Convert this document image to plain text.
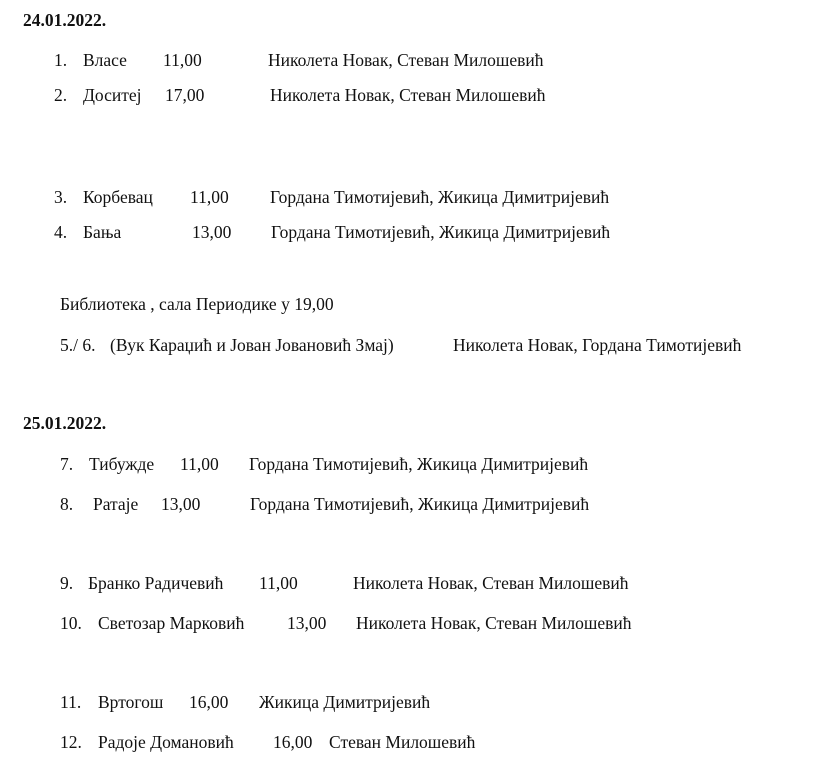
24.01.2022.
1. Власе 11,00	Николета Новак, Стеван Милошевић
2. Доситеј 17,00	Николета Новак, Стеван Милошевић
3. Корбевац 11,00 Гордана Тимотијевић, Жикица Димитријевић
4. Бања	13,00 Гордана Тимотијевић, Жикица Димитријевић
Библиотека , сала Периодике у 19,00
5./ 6. (Вук Караџић и Јован Јовановић Змај)	Николета Новак, Гордана Тимотијевић
25.01.2022.
7. Тибужде 11,00 Гордана Тимотијевић, Жикица Димитријевић
8. Ратаје 13,00	Гордана Тимотијевић, Жикица Димитријевић
9. Бранко Радичевић 11,00	Николета Новак, Стеван Милошевић
10. Светозар Марковић 13,00 Николета Новак, Стеван Милошевић
11. Вртогош 16,00 Жикица Димитријевић
12. Радоје Домановић 16,00 Стеван Милошевић
